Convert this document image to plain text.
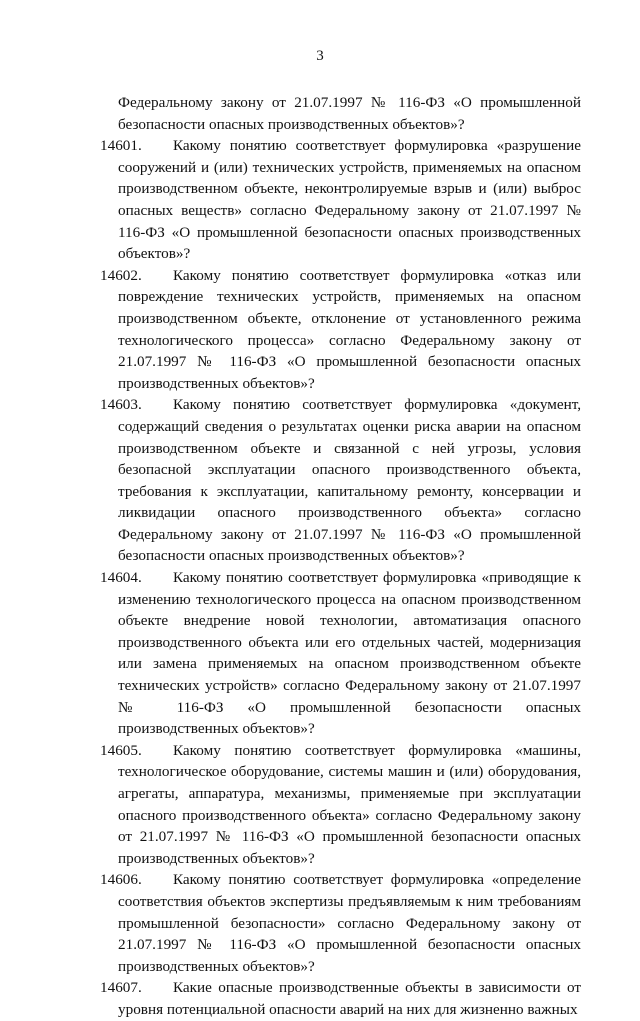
3

Федеральному закону от 21.07.1997 № 116-ФЗ «О промышленной безопасности опасных производственных объектов»?

14601.	Какому понятию соответствует формулировка «разрушение сооружений и (или) технических устройств, применяемых на опасном производственном объекте, неконтролируемые взрыв и (или) выброс опасных веществ» согласно Федеральному закону от 21.07.1997 № 116-ФЗ «О промышленной безопасности опасных производственных объектов»?

14602.	Какому понятию соответствует формулировка «отказ или повреждение технических устройств, применяемых на опасном производственном объекте, отклонение от установленного режима технологического процесса» согласно Федеральному закону от 21.07.1997 № 116-ФЗ «О промышленной безопасности опасных производственных объектов»?

14603.	Какому понятию соответствует формулировка «документ, содержащий сведения о результатах оценки риска аварии на опасном производственном объекте и связанной с ней угрозы, условия безопасной эксплуатации опасного производственного объекта, требования к эксплуатации, капитальному ремонту, консервации и ликвидации опасного производственного объекта» согласно Федеральному закону от 21.07.1997 № 116-ФЗ «О промышленной безопасности опасных производственных объектов»?

14604.	Какому понятию соответствует формулировка «приводящие к изменению технологического процесса на опасном производственном объекте внедрение новой технологии, автоматизация опасного производственного объекта или его отдельных частей, модернизация или замена применяемых на опасном производственном объекте технических устройств» согласно Федеральному закону от 21.07.1997 № 116-ФЗ «О промышленной безопасности опасных производственных объектов»?

14605.	Какому понятию соответствует формулировка «машины, технологическое оборудование, системы машин и (или) оборудования, агрегаты, аппаратура, механизмы, применяемые при эксплуатации опасного производственного объекта» согласно Федеральному закону от 21.07.1997 № 116-ФЗ «О промышленной безопасности опасных производственных объектов»?

14606.	Какому понятию соответствует формулировка «определение соответствия объектов экспертизы предъявляемым к ним требованиям промышленной безопасности» согласно Федеральному закону от 21.07.1997 № 116-ФЗ «О промышленной безопасности опасных производственных объектов»?

14607.	Какие опасные производственные объекты в зависимости от уровня потенциальной опасности аварий на них для жизненно важных
